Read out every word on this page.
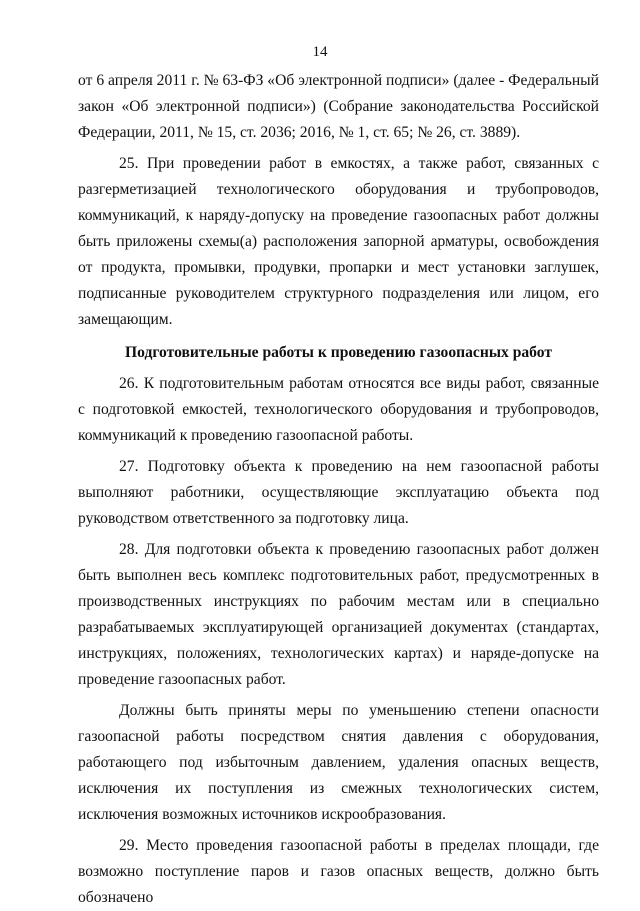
14

от 6 апреля 2011 г. № 63-ФЗ «Об электронной подписи» (далее - Федеральный закон «Об электронной подписи») (Собрание законодательства Российской Федерации, 2011, № 15, ст. 2036; 2016, № 1, ст. 65; № 26, ст. 3889).

25. При проведении работ в емкостях, а также работ, связанных с разгерметизацией технологического оборудования и трубопроводов, коммуникаций, к наряду-допуску на проведение газоопасных работ должны быть приложены схемы(а) расположения запорной арматуры, освобождения от продукта, промывки, продувки, пропарки и мест установки заглушек, подписанные руководителем структурного подразделения или лицом, его замещающим.

Подготовительные работы к проведению газоопасных работ

26. К подготовительным работам относятся все виды работ, связанные с подготовкой емкостей, технологического оборудования и трубопроводов, коммуникаций к проведению газоопасной работы.

27. Подготовку объекта к проведению на нем газоопасной работы выполняют работники, осуществляющие эксплуатацию объекта под руководством ответственного за подготовку лица.

28. Для подготовки объекта к проведению газоопасных работ должен быть выполнен весь комплекс подготовительных работ, предусмотренных в производственных инструкциях по рабочим местам или в специально разрабатываемых эксплуатирующей организацией документах (стандартах, инструкциях, положениях, технологических картах) и наряде-допуске на проведение газоопасных работ.

Должны быть приняты меры по уменьшению степени опасности газоопасной работы посредством снятия давления с оборудования, работающего под избыточным давлением, удаления опасных веществ, исключения их поступления из смежных технологических систем, исключения возможных источников искрообразования.

29. Место проведения газоопасной работы в пределах площади, где возможно поступление паров и газов опасных веществ, должно быть обозначено
